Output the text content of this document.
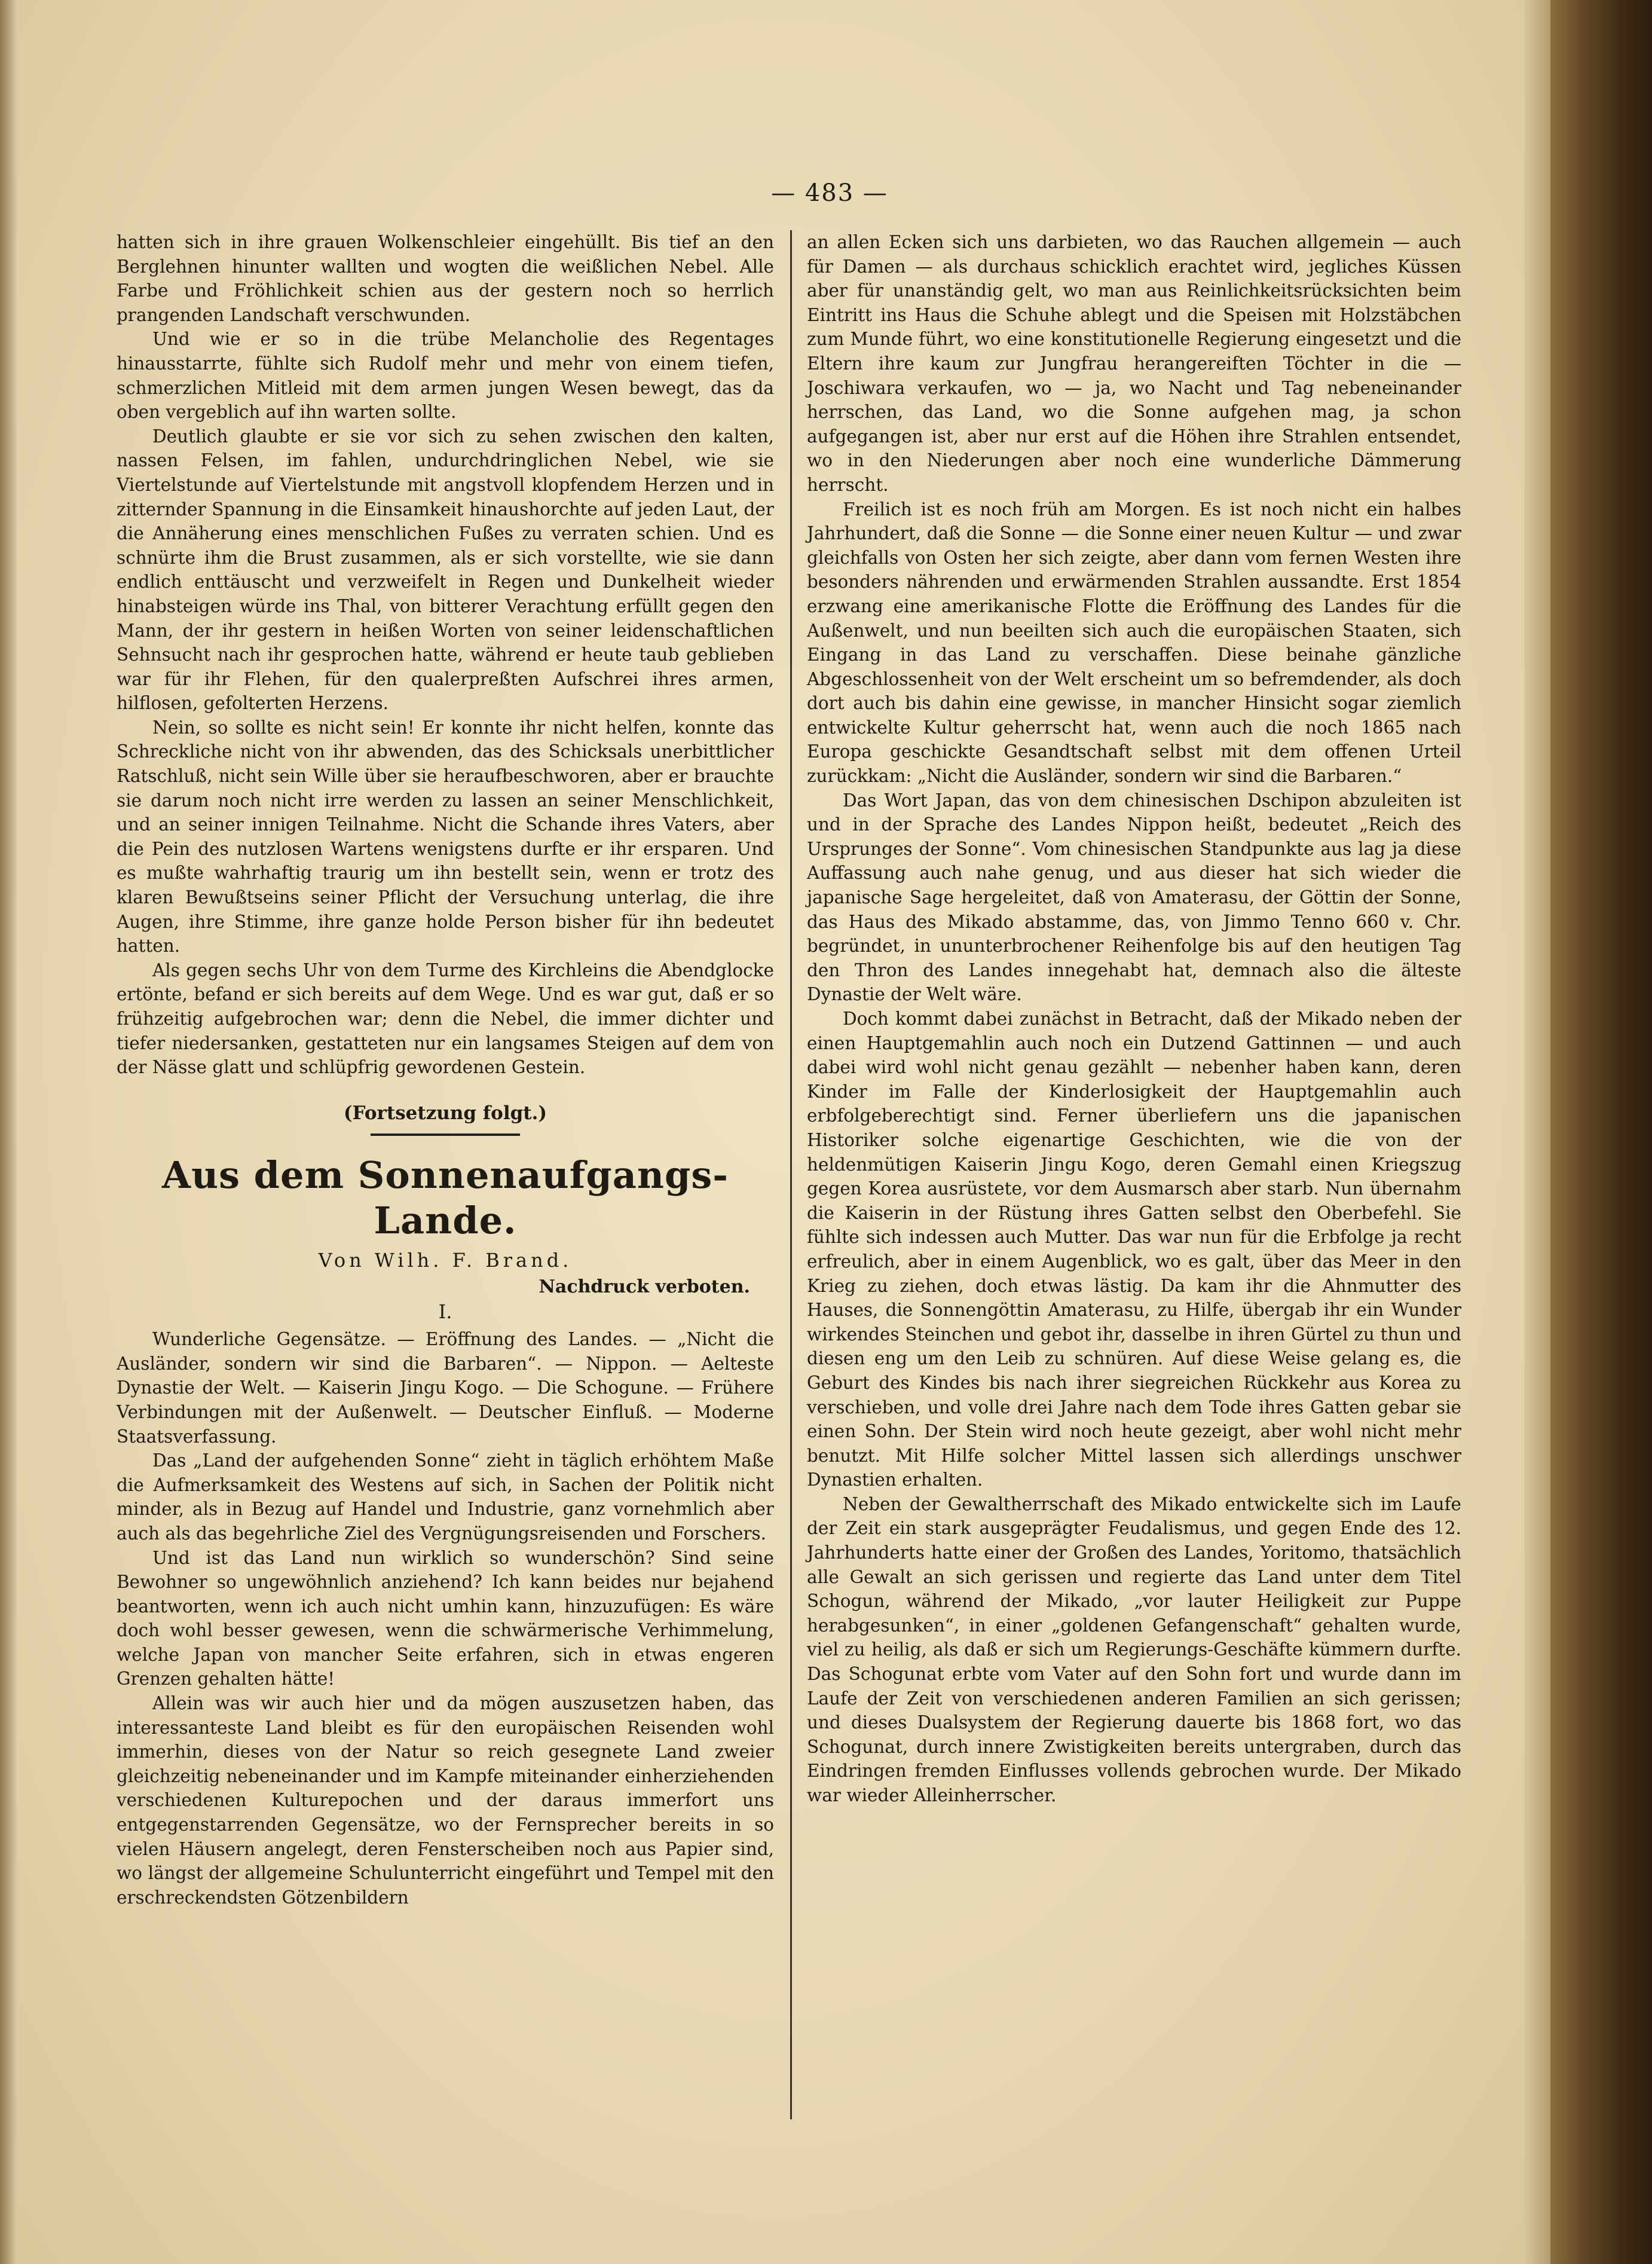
— 483 —

hatten sich in ihre grauen Wolkenschleier eingehüllt. Bis tief an den Berglehnen hinunter wallten und wogten die weißlichen Nebel. Alle Farbe und Fröhlichkeit schien aus der gestern noch so herrlich prangenden Landschaft verschwunden.

Und wie er so in die trübe Melancholie des Regentages hinausstarrte, fühlte sich Rudolf mehr und mehr von einem tiefen, schmerzlichen Mitleid mit dem armen jungen Wesen bewegt, das da oben vergeblich auf ihn warten sollte.

Deutlich glaubte er sie vor sich zu sehen zwischen den kalten, nassen Felsen, im fahlen, undurchdringlichen Nebel, wie sie Viertelstunde auf Viertelstunde mit angstvoll klopfendem Herzen und in zitternder Spannung in die Einsamkeit hinaushorchte auf jeden Laut, der die Annäherung eines menschlichen Fußes zu verraten schien. Und es schnürte ihm die Brust zusammen, als er sich vorstellte, wie sie dann endlich enttäuscht und verzweifelt in Regen und Dunkelheit wieder hinabsteigen würde ins Thal, von bitterer Verachtung erfüllt gegen den Mann, der ihr gestern in heißen Worten von seiner leidenschaftlichen Sehnsucht nach ihr gesprochen hatte, während er heute taub geblieben war für ihr Flehen, für den qualerpreßten Aufschrei ihres armen, hilflosen, gefolterten Herzens.

Nein, so sollte es nicht sein! Er konnte ihr nicht helfen, konnte das Schreckliche nicht von ihr abwenden, das des Schicksals unerbittlicher Ratschluß, nicht sein Wille über sie heraufbeschworen, aber er brauchte sie darum noch nicht irre werden zu lassen an seiner Menschlichkeit, und an seiner innigen Teilnahme. Nicht die Schande ihres Vaters, aber die Pein des nutzlosen Wartens wenigstens durfte er ihr ersparen. Und es mußte wahrhaftig traurig um ihn bestellt sein, wenn er trotz des klaren Bewußtseins seiner Pflicht der Versuchung unterlag, die ihre Augen, ihre Stimme, ihre ganze holde Person bisher für ihn bedeutet hatten.

Als gegen sechs Uhr von dem Turme des Kirchleins die Abendglocke ertönte, befand er sich bereits auf dem Wege. Und es war gut, daß er so frühzeitig aufgebrochen war; denn die Nebel, die immer dichter und tiefer niedersanken, gestatteten nur ein langsames Steigen auf dem von der Nässe glatt und schlüpfrig gewordenen Gestein.

(Fortsetzung folgt.)
Aus dem Sonnenaufgangs-Lande.
Von Wilh. F. Brand.
Nachdruck verboten.
I.

Wunderliche Gegensätze. — Eröffnung des Landes. — „Nicht die Ausländer, sondern wir sind die Barbaren“. — Nippon. — Aelteste Dynastie der Welt. — Kaiserin Jingu Kogo. — Die Schogune. — Frühere Verbindungen mit der Außenwelt. — Deutscher Einfluß. — Moderne Staatsverfassung.

Das „Land der aufgehenden Sonne“ zieht in täglich erhöhtem Maße die Aufmerksamkeit des Westens auf sich, in Sachen der Politik nicht minder, als in Bezug auf Handel und Industrie, ganz vornehmlich aber auch als das begehrliche Ziel des Vergnügungsreisenden und Forschers.

Und ist das Land nun wirklich so wunderschön? Sind seine Bewohner so ungewöhnlich anziehend? Ich kann beides nur bejahend beantworten, wenn ich auch nicht umhin kann, hinzuzufügen: Es wäre doch wohl besser gewesen, wenn die schwärmerische Verhimmelung, welche Japan von mancher Seite erfahren, sich in etwas engeren Grenzen gehalten hätte!

Allein was wir auch hier und da mögen auszusetzen haben, das interessanteste Land bleibt es für den europäischen Reisenden wohl immerhin, dieses von der Natur so reich gesegnete Land zweier gleichzeitig nebeneinander und im Kampfe miteinander einherziehenden verschiedenen Kulturepochen und der daraus immerfort uns entgegenstarrenden Gegensätze, wo der Fernsprecher bereits in so vielen Häusern angelegt, deren Fensterscheiben noch aus Papier sind, wo längst der allgemeine Schulunterricht eingeführt und Tempel mit den erschreckendsten Götzenbildern

an allen Ecken sich uns darbieten, wo das Rauchen allgemein — auch für Damen — als durchaus schicklich erachtet wird, jegliches Küssen aber für unanständig gelt, wo man aus Reinlichkeitsrücksichten beim Eintritt ins Haus die Schuhe ablegt und die Speisen mit Holzstäbchen zum Munde führt, wo eine konstitutionelle Regierung eingesetzt und die Eltern ihre kaum zur Jungfrau herangereiften Töchter in die — Joschiwara verkaufen, wo — ja, wo Nacht und Tag nebeneinander herrschen, das Land, wo die Sonne aufgehen mag, ja schon aufgegangen ist, aber nur erst auf die Höhen ihre Strahlen entsendet, wo in den Niederungen aber noch eine wunderliche Dämmerung herrscht.

Freilich ist es noch früh am Morgen. Es ist noch nicht ein halbes Jahrhundert, daß die Sonne — die Sonne einer neuen Kultur — und zwar gleichfalls von Osten her sich zeigte, aber dann vom fernen Westen ihre besonders nährenden und erwärmenden Strahlen aussandte. Erst 1854 erzwang eine amerikanische Flotte die Eröffnung des Landes für die Außenwelt, und nun beeilten sich auch die europäischen Staaten, sich Eingang in das Land zu verschaffen. Diese beinahe gänzliche Abgeschlossenheit von der Welt erscheint um so befremdender, als doch dort auch bis dahin eine gewisse, in mancher Hinsicht sogar ziemlich entwickelte Kultur geherrscht hat, wenn auch die noch 1865 nach Europa geschickte Gesandtschaft selbst mit dem offenen Urteil zurückkam: „Nicht die Ausländer, sondern wir sind die Barbaren.“

Das Wort Japan, das von dem chinesischen Dschipon abzuleiten ist und in der Sprache des Landes Nippon heißt, bedeutet „Reich des Ursprunges der Sonne“. Vom chinesischen Standpunkte aus lag ja diese Auffassung auch nahe genug, und aus dieser hat sich wieder die japanische Sage hergeleitet, daß von Amaterasu, der Göttin der Sonne, das Haus des Mikado abstamme, das, von Jimmo Tenno 660 v. Chr. begründet, in ununterbrochener Reihenfolge bis auf den heutigen Tag den Thron des Landes innegehabt hat, demnach also die älteste Dynastie der Welt wäre.

Doch kommt dabei zunächst in Betracht, daß der Mikado neben der einen Hauptgemahlin auch noch ein Dutzend Gattinnen — und auch dabei wird wohl nicht genau gezählt — nebenher haben kann, deren Kinder im Falle der Kinderlosigkeit der Hauptgemahlin auch erbfolgeberechtigt sind. Ferner überliefern uns die japanischen Historiker solche eigenartige Geschichten, wie die von der heldenmütigen Kaiserin Jingu Kogo, deren Gemahl einen Kriegszug gegen Korea ausrüstete, vor dem Ausmarsch aber starb. Nun übernahm die Kaiserin in der Rüstung ihres Gatten selbst den Oberbefehl. Sie fühlte sich indessen auch Mutter. Das war nun für die Erbfolge ja recht erfreulich, aber in einem Augenblick, wo es galt, über das Meer in den Krieg zu ziehen, doch etwas lästig. Da kam ihr die Ahnmutter des Hauses, die Sonnengöttin Amaterasu, zu Hilfe, übergab ihr ein Wunder wirkendes Steinchen und gebot ihr, dasselbe in ihren Gürtel zu thun und diesen eng um den Leib zu schnüren. Auf diese Weise gelang es, die Geburt des Kindes bis nach ihrer siegreichen Rückkehr aus Korea zu verschieben, und volle drei Jahre nach dem Tode ihres Gatten gebar sie einen Sohn. Der Stein wird noch heute gezeigt, aber wohl nicht mehr benutzt. Mit Hilfe solcher Mittel lassen sich allerdings unschwer Dynastien erhalten.

Neben der Gewaltherrschaft des Mikado entwickelte sich im Laufe der Zeit ein stark ausgeprägter Feudalismus, und gegen Ende des 12. Jahrhunderts hatte einer der Großen des Landes, Yoritomo, thatsächlich alle Gewalt an sich gerissen und regierte das Land unter dem Titel Schogun, während der Mikado, „vor lauter Heiligkeit zur Puppe herabgesunken“, in einer „goldenen Gefangenschaft“ gehalten wurde, viel zu heilig, als daß er sich um Regierungs-Geschäfte kümmern durfte. Das Schogunat erbte vom Vater auf den Sohn fort und wurde dann im Laufe der Zeit von verschiedenen anderen Familien an sich gerissen; und dieses Dualsystem der Regierung dauerte bis 1868 fort, wo das Schogunat, durch innere Zwistigkeiten bereits untergraben, durch das Eindringen fremden Einflusses vollends gebrochen wurde. Der Mikado war wieder Alleinherrscher.
